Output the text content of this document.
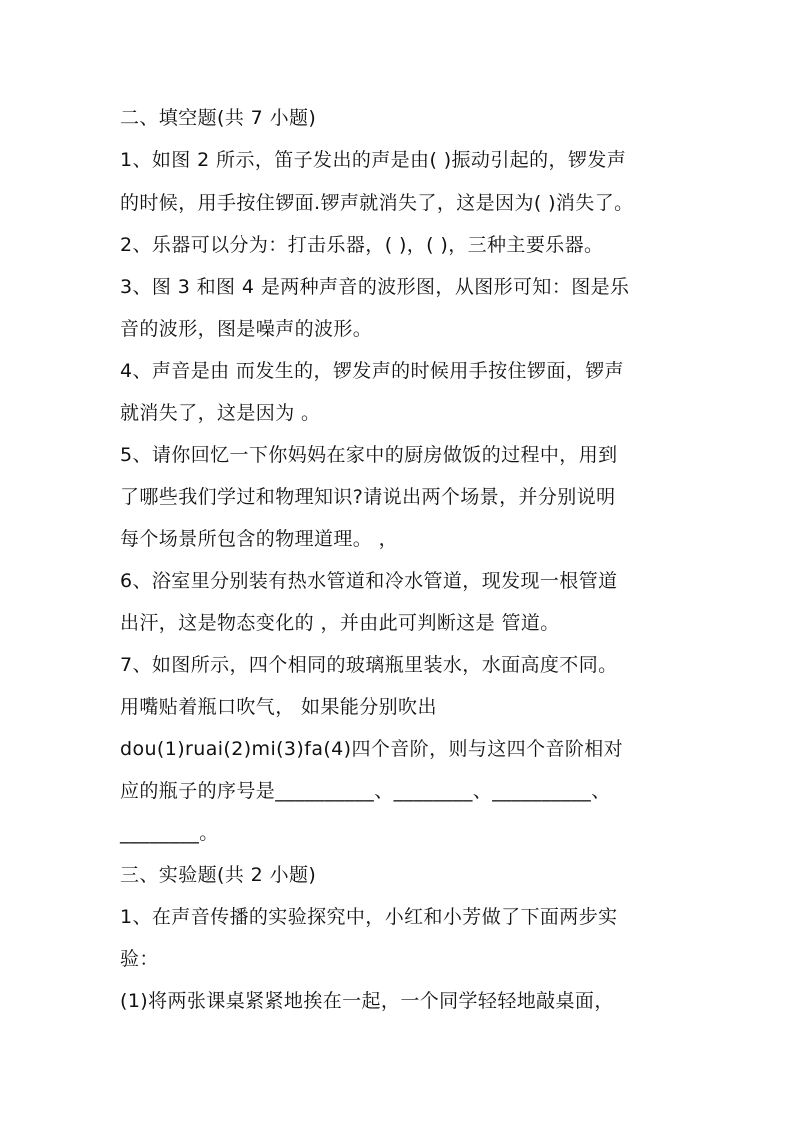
二、填空题(共 7 小题)
1、如图 2 所示，笛子发出的声是由( )振动引起的，锣发声
的时候，用手按住锣面.锣声就消失了，这是因为( )消失了。
2、乐器可以分为：打击乐器，( )，( )，三种主要乐器。
3、图 3 和图 4 是两种声音的波形图，从图形可知：图是乐
音的波形，图是噪声的波形。
4、声音是由 而发生的，锣发声的时候用手按住锣面，锣声
就消失了，这是因为 。
5、请你回忆一下你妈妈在家中的厨房做饭的过程中，用到
了哪些我们学过和物理知识?请说出两个场景，并分别说明
每个场景所包含的物理道理。 ，
6、浴室里分别装有热水管道和冷水管道，现发现一根管道
出汗，这是物态变化的 ，并由此可判断这是 管道。
7、如图所示，四个相同的玻璃瓶里装水，水面高度不同。
用嘴贴着瓶口吹气， 如果能分别吹出
dou(1)ruai(2)mi(3)fa(4)四个音阶，则与这四个音阶相对
应的瓶子的序号是__________、________、__________、
________。
三、实验题(共 2 小题)
1、在声音传播的实验探究中，小红和小芳做了下面两步实
验：
(1)将两张课桌紧紧地挨在一起，一个同学轻轻地敲桌面，
